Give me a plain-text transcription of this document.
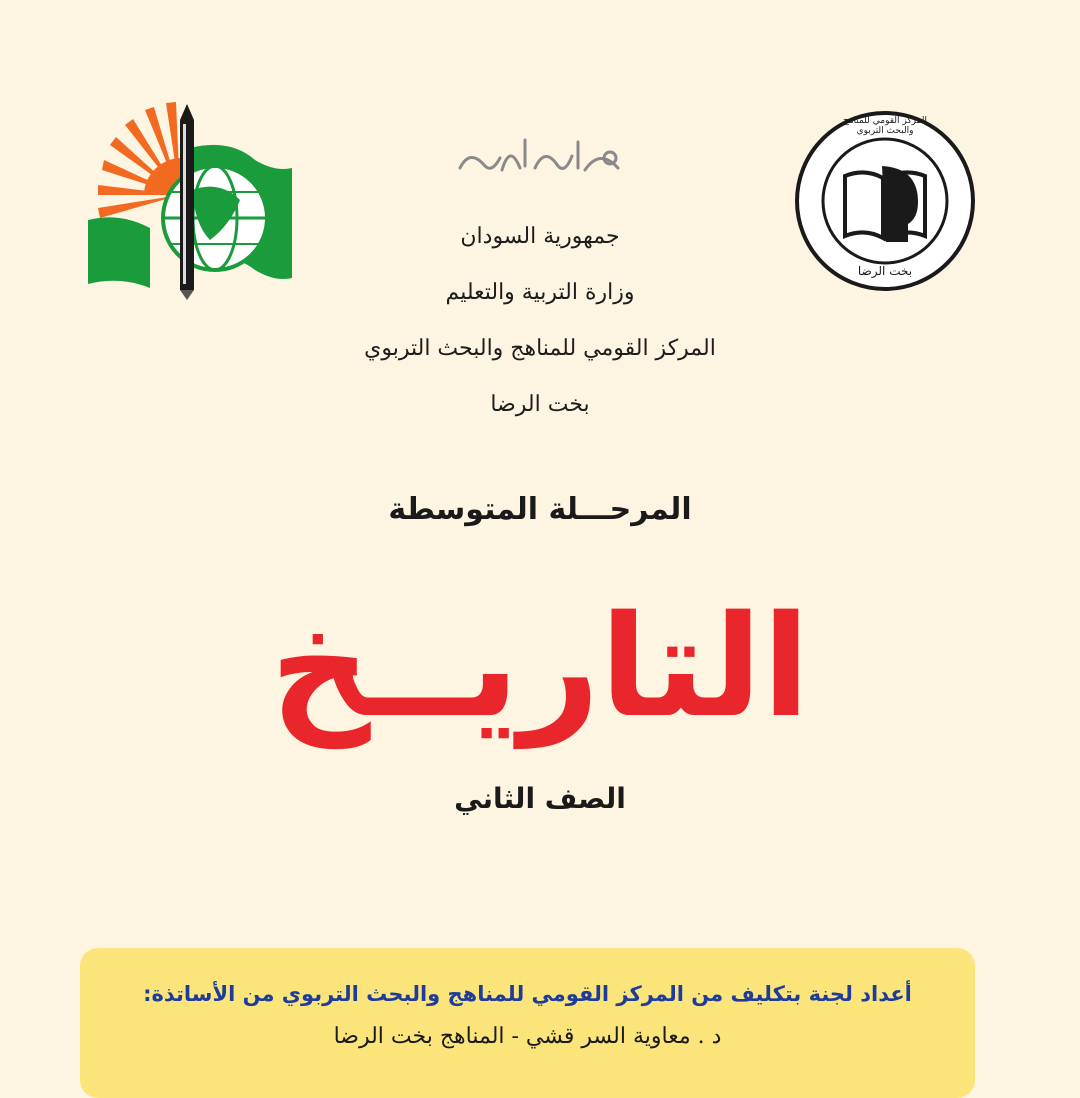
المركز القومي للمناهج والبحث التربوي
بخت الرضا
جمهورية السودان
وزارة التربية والتعليم
المركز القومي للمناهج والبحث التربوي
بخت الرضا
المرحـــلة المتوسطة
التاريــخ
الصف الثاني
أعداد لجنة بتكليف من المركز القومي للمناهج والبحث التربوي من الأساتذة:
د . معاوية السر قشي - المناهج بخت الرضا
